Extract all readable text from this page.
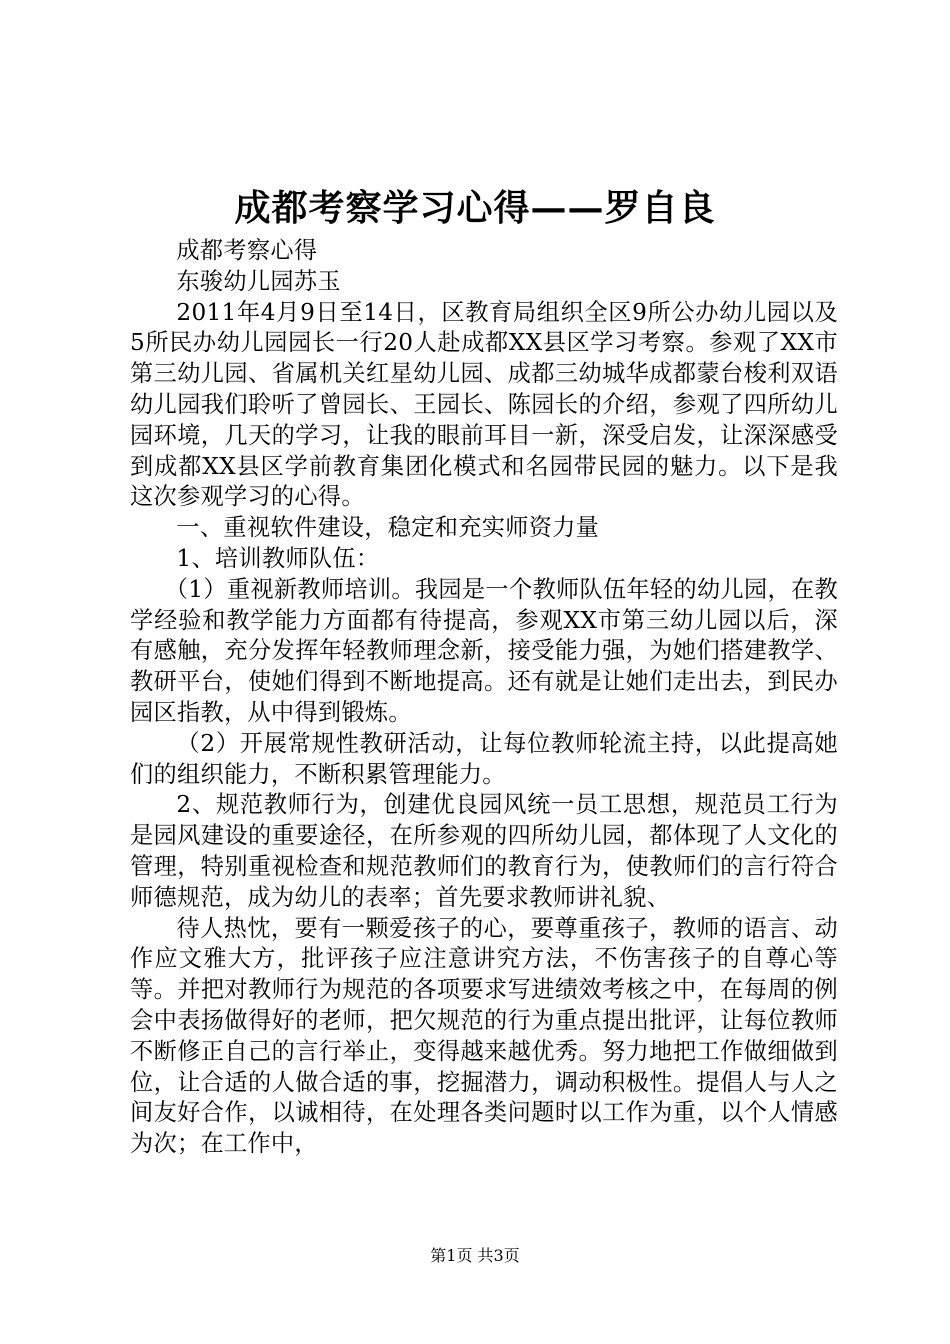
成都考察学习心得——罗自良

成都考察心得

东骏幼儿园苏玉

2011年4月9日至14日，区教育局组织全区9所公办幼儿园以及5所民办幼儿园园长一行20人赴成都XX县区学习考察。参观了XX市第三幼儿园、省属机关红星幼儿园、成都三幼城华成都蒙台梭利双语幼儿园我们聆听了曾园长、王园长、陈园长的介绍，参观了四所幼儿园环境，几天的学习，让我的眼前耳目一新，深受启发，让深深感受到成都XX县区学前教育集团化模式和名园带民园的魅力。以下是我这次参观学习的心得。

一、重视软件建设，稳定和充实师资力量

1、培训教师队伍：

（1）重视新教师培训。我园是一个教师队伍年轻的幼儿园，在教学经验和教学能力方面都有待提高，参观XX市第三幼儿园以后，深有感触，充分发挥年轻教师理念新，接受能力强，为她们搭建教学、教研平台，使她们得到不断地提高。还有就是让她们走出去，到民办园区指教，从中得到锻炼。

（2）开展常规性教研活动，让每位教师轮流主持，以此提高她们的组织能力，不断积累管理能力。

2、规范教师行为，创建优良园风统一员工思想，规范员工行为是园风建设的重要途径，在所参观的四所幼儿园，都体现了人文化的管理，特别重视检查和规范教师们的教育行为，使教师们的言行符合师德规范，成为幼儿的表率；首先要求教师讲礼貌、

待人热忱，要有一颗爱孩子的心，要尊重孩子，教师的语言、动作应文雅大方，批评孩子应注意讲究方法，不伤害孩子的自尊心等等。并把对教师行为规范的各项要求写进绩效考核之中，在每周的例会中表扬做得好的老师，把欠规范的行为重点提出批评，让每位教师不断修正自己的言行举止，变得越来越优秀。努力地把工作做细做到位，让合适的人做合适的事，挖掘潜力，调动积极性。提倡人与人之间友好合作，以诚相待，在处理各类问题时以工作为重，以个人情感为次；在工作中，

第1页 共3页
